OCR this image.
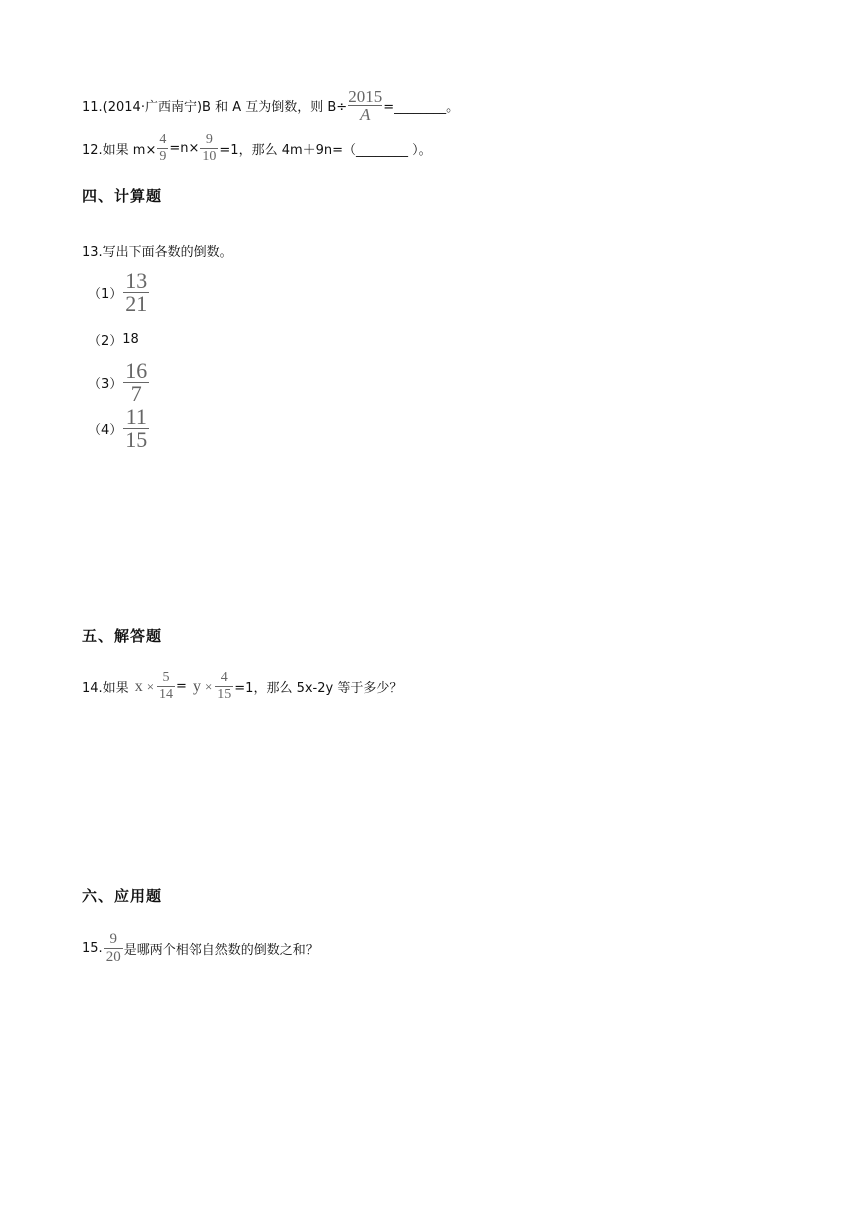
11.(2014·广西南宁)B 和 A 互为倒数，则 $B\div \frac{2015}{A}$ =________。
12.如果 $m\times \frac{4}{9} =n\times \frac{9}{10} =1$，那么 4m＋9n=（________ ）。
四、计算题
13.写出下面各数的倒数。
$(1) \frac{13}{21}$
（2） 18
$(3) \frac{16}{7}$
$(4) \frac{11}{15}$
五、解答题
14.如果 $x \times \frac{5}{14} = y \times \frac{4}{15} =1$，那么 5x-2y 等于多少？
六、应用题
15. $\frac{9}{20}$ 是哪两个相邻自然数的倒数之和？
